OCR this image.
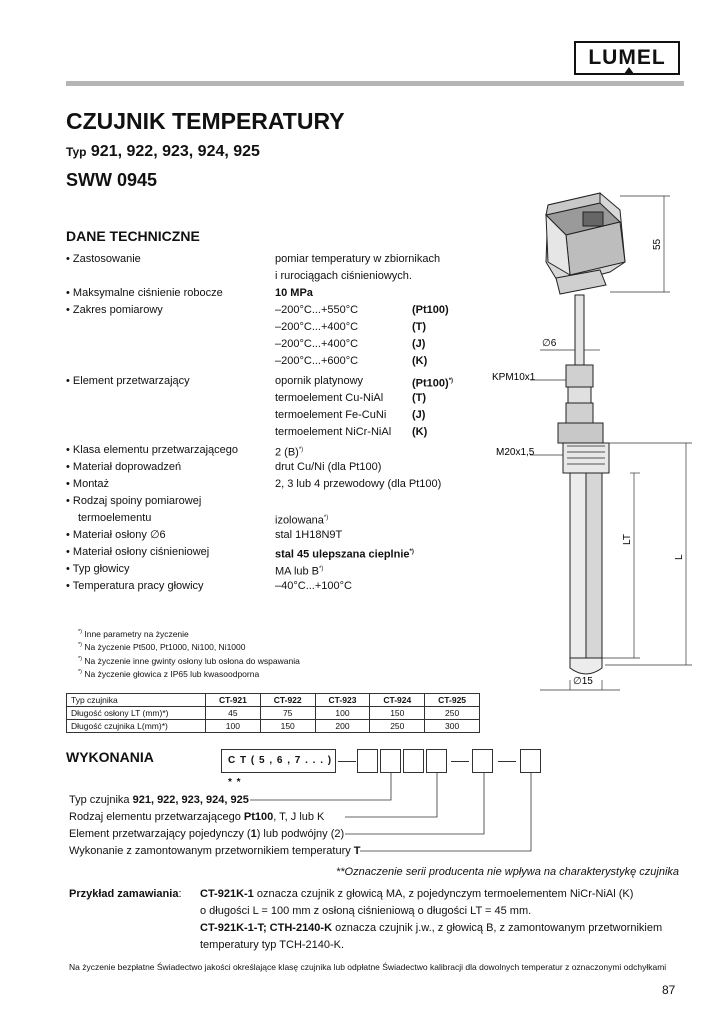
LUMEL
CZUJNIK TEMPERATURY
Typ 921, 922, 923, 924, 925
SWW 0945
DANE TECHNICZNE
• Zastosowanie	pomiar temperatury w zbiornikach
i rurociągach ciśnieniowych.
• Maksymalne ciśnienie robocze	10 MPa
• Zakres pomiarowy	–200°C...+550°C	(Pt100)
–200°C...+400°C	(T)
–200°C...+400°C	(J)
–200°C...+600°C	(K)
• Element przetwarzający	opornik platynowy	(Pt100)*)
termoelement Cu-NiAl	(T)
termoelement Fe-CuNi (J)
termoelement NiCr-NiAl (K)
• Klasa elementu przetwarzającego	2 (B)*)
• Materiał doprowadzeń	drut Cu/Ni (dla Pt100)
• Montaż	2, 3 lub 4 przewodowy (dla Pt100)
• Rodzaj spoiny pomiarowej
termoelementu	izolowana*)
• Materiał osłony ∅6	stal 1H18N9T
• Materiał osłony ciśnieniowej	stal 45 ulepszana cieplnie*)
• Typ głowicy	MA lub B*)
• Temperatura pracy głowicy	–40°C...+100°C
*) Inne parametry na życzenie
*) Na życzenie Pt500, Pt1000, Ni100, Ni1000
*) Na życzenie inne gwinty osłony lub osłona do wspawania
*) Na życzenie głowica z IP65 lub kwasoodporna
Typ czujnika	CT-921	CT-922	CT-923	CT-924	CT-925
Długość osłony LT (mm)*)	45	75	100	150	250
Długość czujnika L(mm)*)	100	150	200	250	300
∅6
KPM10x1
M20x1,5
∅15
55
L
LT
WYKONANIA	C T ( 5 , 6 , 7 . . . ) * *
Typ czujnika 921, 922, 923, 924, 925
Rodzaj elementu przetwarzającego Pt100, T, J lub K
Element przetwarzający pojedynczy (1) lub podwójny (2)
Wykonanie z zamontowanym przetwornikiem temperatury T
**Oznaczenie serii producenta nie wpływa na charakterystykę czujnika
Przykład zamawiania: CT-921K-1 oznacza czujnik z głowicą MA, z pojedynczym termoelementem NiCr-NiAl (K)
o długości L = 100 mm z osłoną ciśnieniową o długości LT = 45 mm.
CT-921K-1-T; CTH-2140-K oznacza czujnik j.w., z głowicą B, z zamontowanym przetwornikiem
temperatury typ TCH-2140-K.
Na życzenie bezpłatne Świadectwo jakości określające klasę czujnika lub odpłatne Świadectwo kalibracji dla dowolnych temperatur z oznaczonymi odchyłkami
87
